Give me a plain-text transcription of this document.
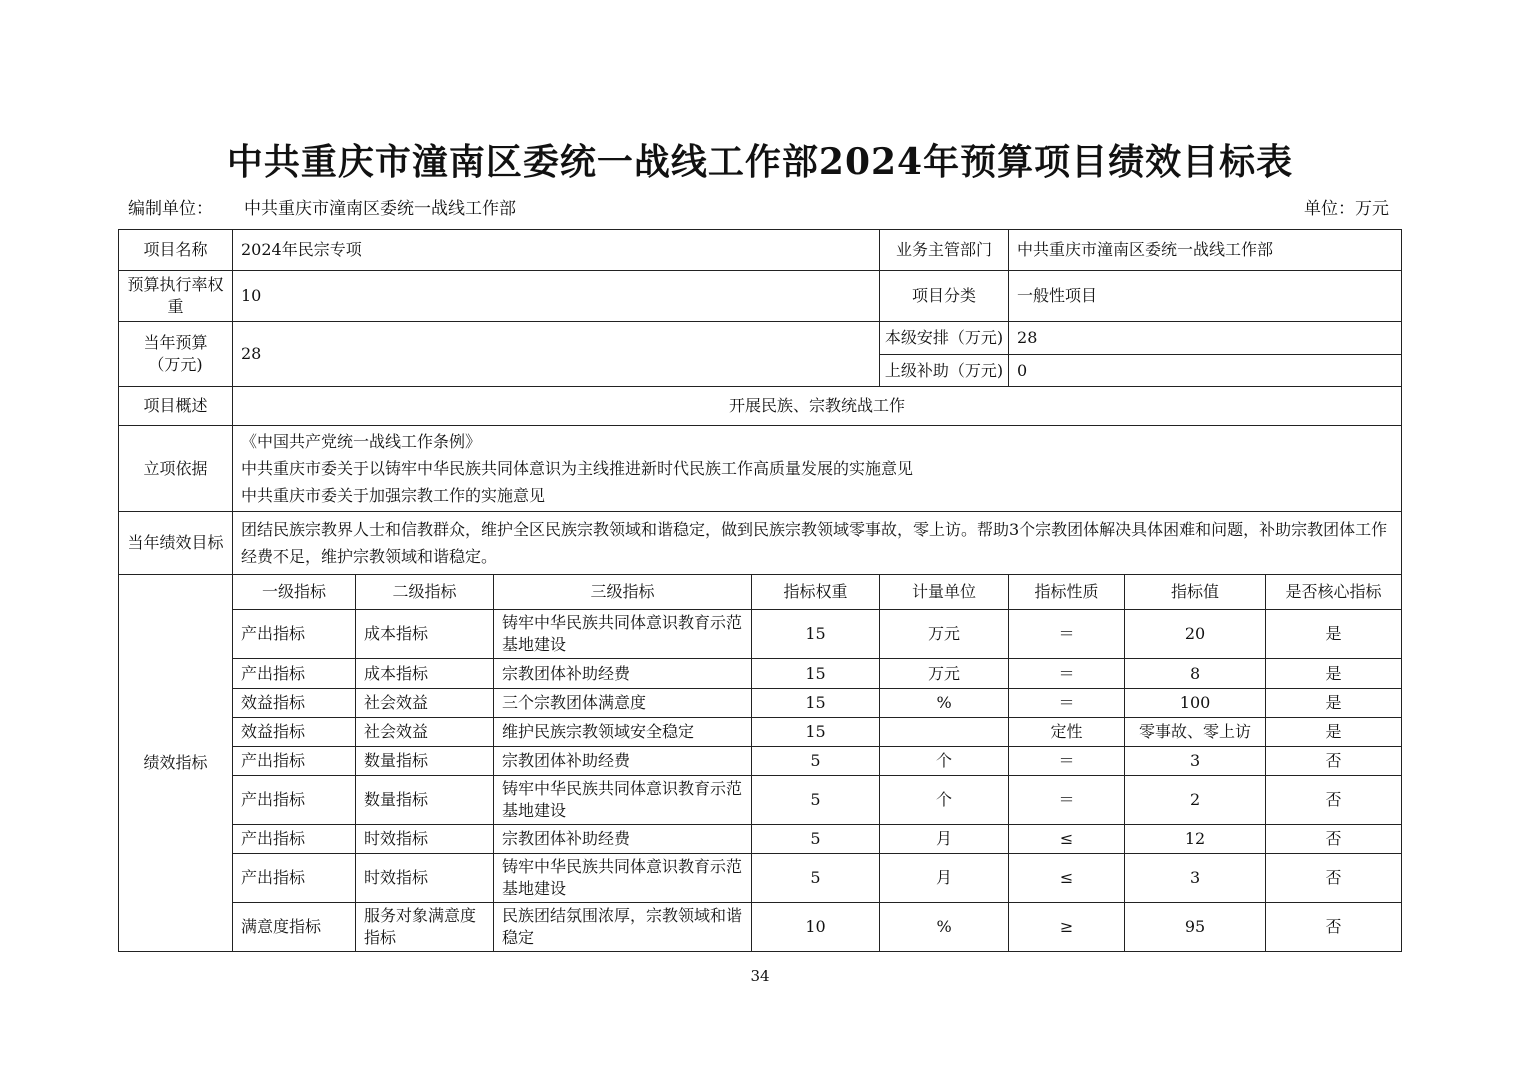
中共重庆市潼南区委统一战线工作部2024年预算项目绩效目标表
编制单位： 中共重庆市潼南区委统一战线工作部	单位：万元
项目名称	2024年民宗专项				业务主管部门	中共重庆市潼南区委统一战线工作部		
预算执行率权重	10				项目分类	一般性项目		

当年预算
（万元)	28				本级安排（万元)	28		
					上级补助（万元)	0		
项目概述	开展民族、宗教统战工作							
立项依据	《中国共产党统一战线工作条例》
中共重庆市委关于以铸牢中华民族共同体意识为主线推进新时代民族工作高质量发展的实施意见
中共重庆市委关于加强宗教工作的实施意见							

当年绩效目标	团结民族宗教界人士和信教群众，维护全区民族宗教领域和谐稳定，做到民族宗教领域零事故，零上访。帮助3个宗教团体解决具体困难和问题，补助宗教团体工作经费不足，维护宗教领域和谐稳定。							
绩效指标	一级指标	二级指标	三级指标	指标权重	计量单位	指标性质	指标值	是否核心指标
	产出指标	成本指标	铸牢中华民族共同体意识教育示范基地建设	15	万元	＝	20	是
	产出指标	成本指标	宗教团体补助经费	15	万元	＝	8	是
	效益指标	社会效益	三个宗教团体满意度	15	%	＝	100	是
	效益指标	社会效益	维护民族宗教领域安全稳定	15		定性	零事故、零上访	是
	产出指标	数量指标	宗教团体补助经费	5	个	＝	3	否
	产出指标	数量指标	铸牢中华民族共同体意识教育示范基地建设	5	个	＝	2	否
	产出指标	时效指标	宗教团体补助经费	5	月	≤	12	否
	产出指标	时效指标	铸牢中华民族共同体意识教育示范基地建设	5	月	≤	3	否
	满意度指标	服务对象满意度指标	民族团结氛围浓厚，宗教领域和谐稳定	10	%	≥	95	否
34
